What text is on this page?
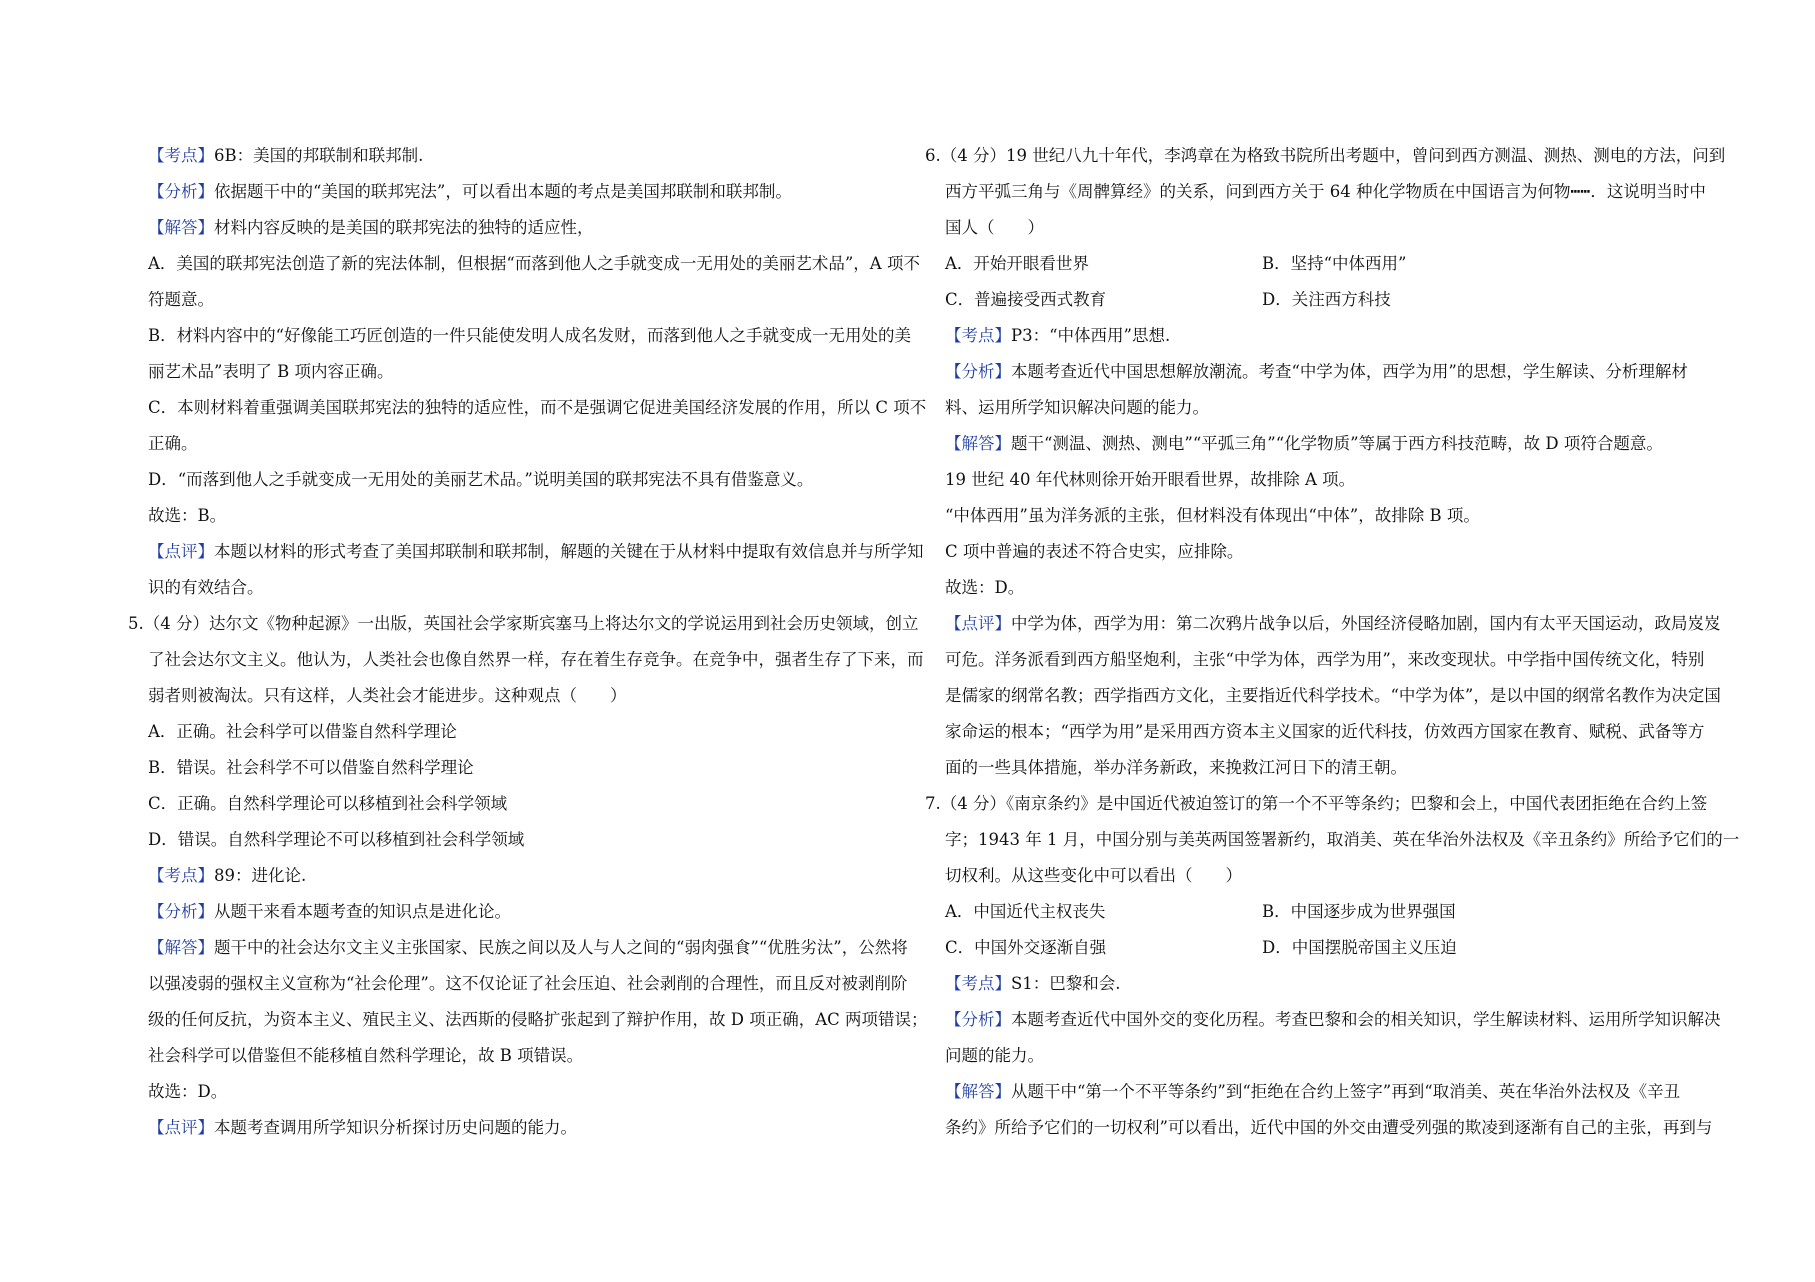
【考点】6B：美国的邦联制和联邦制.
【分析】依据题干中的“美国的联邦宪法”，可以看出本题的考点是美国邦联制和联邦制。
【解答】材料内容反映的是美国的联邦宪法的独特的适应性，
A．美国的联邦宪法创造了新的宪法体制，但根据“而落到他人之手就变成一无用处的美丽艺术品”，A 项不
符题意。
B．材料内容中的“好像能工巧匠创造的一件只能使发明人成名发财，而落到他人之手就变成一无用处的美
丽艺术品”表明了 B 项内容正确。
C．本则材料着重强调美国联邦宪法的独特的适应性，而不是强调它促进美国经济发展的作用，所以 C 项不
正确。
D．“而落到他人之手就变成一无用处的美丽艺术品。”说明美国的联邦宪法不具有借鉴意义。
故选：B。
【点评】本题以材料的形式考查了美国邦联制和联邦制，解题的关键在于从材料中提取有效信息并与所学知
识的有效结合。
5.（4 分）达尔文《物种起源》一出版，英国社会学家斯宾塞马上将达尔文的学说运用到社会历史领域，创立
了社会达尔文主义。他认为，人类社会也像自然界一样，存在着生存竞争。在竞争中，强者生存了下来，而
弱者则被淘汰。只有这样，人类社会才能进步。这种观点（　　）
A．正确。社会科学可以借鉴自然科学理论
B．错误。社会科学不可以借鉴自然科学理论
C．正确。自然科学理论可以移植到社会科学领域
D．错误。自然科学理论不可以移植到社会科学领域
【考点】89：进化论.
【分析】从题干来看本题考查的知识点是进化论。
【解答】题干中的社会达尔文主义主张国家、民族之间以及人与人之间的“弱肉强食”“优胜劣汰”，公然将
以强凌弱的强权主义宣称为“社会伦理”。这不仅论证了社会压迫、社会剥削的合理性，而且反对被剥削阶
级的任何反抗，为资本主义、殖民主义、法西斯的侵略扩张起到了辩护作用，故 D 项正确，AC 两项错误；
社会科学可以借鉴但不能移植自然科学理论，故 B 项错误。
故选：D。
【点评】本题考查调用所学知识分析探讨历史问题的能力。
6.（4 分）19 世纪八九十年代，李鸿章在为格致书院所出考题中，曾问到西方测温、测热、测电的方法，问到
西方平弧三角与《周髀算经》的关系，问到西方关于 64 种化学物质在中国语言为何物┅┅．这说明当时中
国人（　　）
A．开始开眼看世界	B．坚持“中体西用”
C．普遍接受西式教育	D．关注西方科技
【考点】P3：“中体西用”思想.
【分析】本题考查近代中国思想解放潮流。考查“中学为体，西学为用”的思想，学生解读、分析理解材
料、运用所学知识解决问题的能力。
【解答】题干“测温、测热、测电”“平弧三角”“化学物质”等属于西方科技范畴，故 D 项符合题意。
19 世纪 40 年代林则徐开始开眼看世界，故排除 A 项。
“中体西用”虽为洋务派的主张，但材料没有体现出“中体”，故排除 B 项。
C 项中普遍的表述不符合史实，应排除。
故选：D。
【点评】中学为体，西学为用：第二次鸦片战争以后，外国经济侵略加剧，国内有太平天国运动，政局岌岌
可危。洋务派看到西方船坚炮利，主张“中学为体，西学为用”，来改变现状。中学指中国传统文化，特别
是儒家的纲常名教；西学指西方文化，主要指近代科学技术。“中学为体”，是以中国的纲常名教作为决定国
家命运的根本；“西学为用”是采用西方资本主义国家的近代科技，仿效西方国家在教育、赋税、武备等方
面的一些具体措施，举办洋务新政，来挽救江河日下的清王朝。
7.（4 分）《南京条约》是中国近代被迫签订的第一个不平等条约；巴黎和会上，中国代表团拒绝在合约上签
字；1943 年 1 月，中国分别与美英两国签署新约，取消美、英在华治外法权及《辛丑条约》所给予它们的一
切权利。从这些变化中可以看出（　　）
A．中国近代主权丧失	B．中国逐步成为世界强国
C．中国外交逐渐自强	D．中国摆脱帝国主义压迫
【考点】S1：巴黎和会.
【分析】本题考查近代中国外交的变化历程。考查巴黎和会的相关知识，学生解读材料、运用所学知识解决
问题的能力。
【解答】从题干中“第一个不平等条约”到“拒绝在合约上签字”再到“取消美、英在华治外法权及《辛丑
条约》所给予它们的一切权利”可以看出，近代中国的外交由遭受列强的欺凌到逐渐有自己的主张，再到与
